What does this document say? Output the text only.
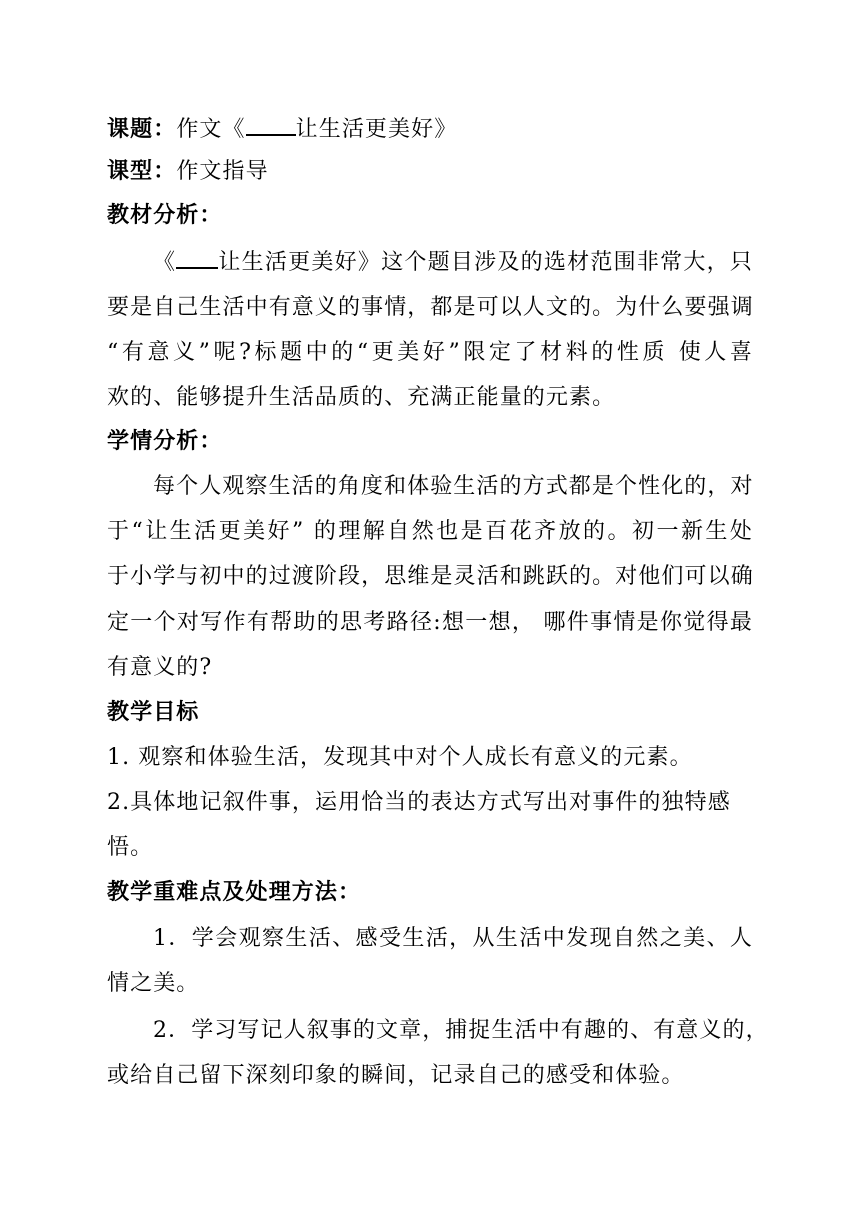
课题：作文《 让生活更美好》
课型：作文指导
教材分析：
《 让生活更美好》这个题目涉及的选材范围非常大，只
要是自己生活中有意义的事情，都是可以人文的。为什么要强调
“有意义”呢?标题中的“更美好”限定了材料的性质 使人喜
欢的、能够提升生活品质的、充满正能量的元素。
学情分析：
每个人观察生活的角度和体验生活的方式都是个性化的，对
于“让生活更美好” 的理解自然也是百花齐放的。初一新生处
于小学与初中的过渡阶段，思维是灵活和跳跃的。对他们可以确
定一个对写作有帮助的思考路径:想一想， 哪件事情是你觉得最
有意义的?
教学目标
1. 观察和体验生活，发现其中对个人成长有意义的元素。
2.具体地记叙件事，运用恰当的表达方式写出对事件的独特感
悟。
教学重难点及处理方法：
1．学会观察生活、感受生活，从生活中发现自然之美、人
情之美。
2．学习写记人叙事的文章，捕捉生活中有趣的、有意义的，
或给自己留下深刻印象的瞬间，记录自己的感受和体验。
